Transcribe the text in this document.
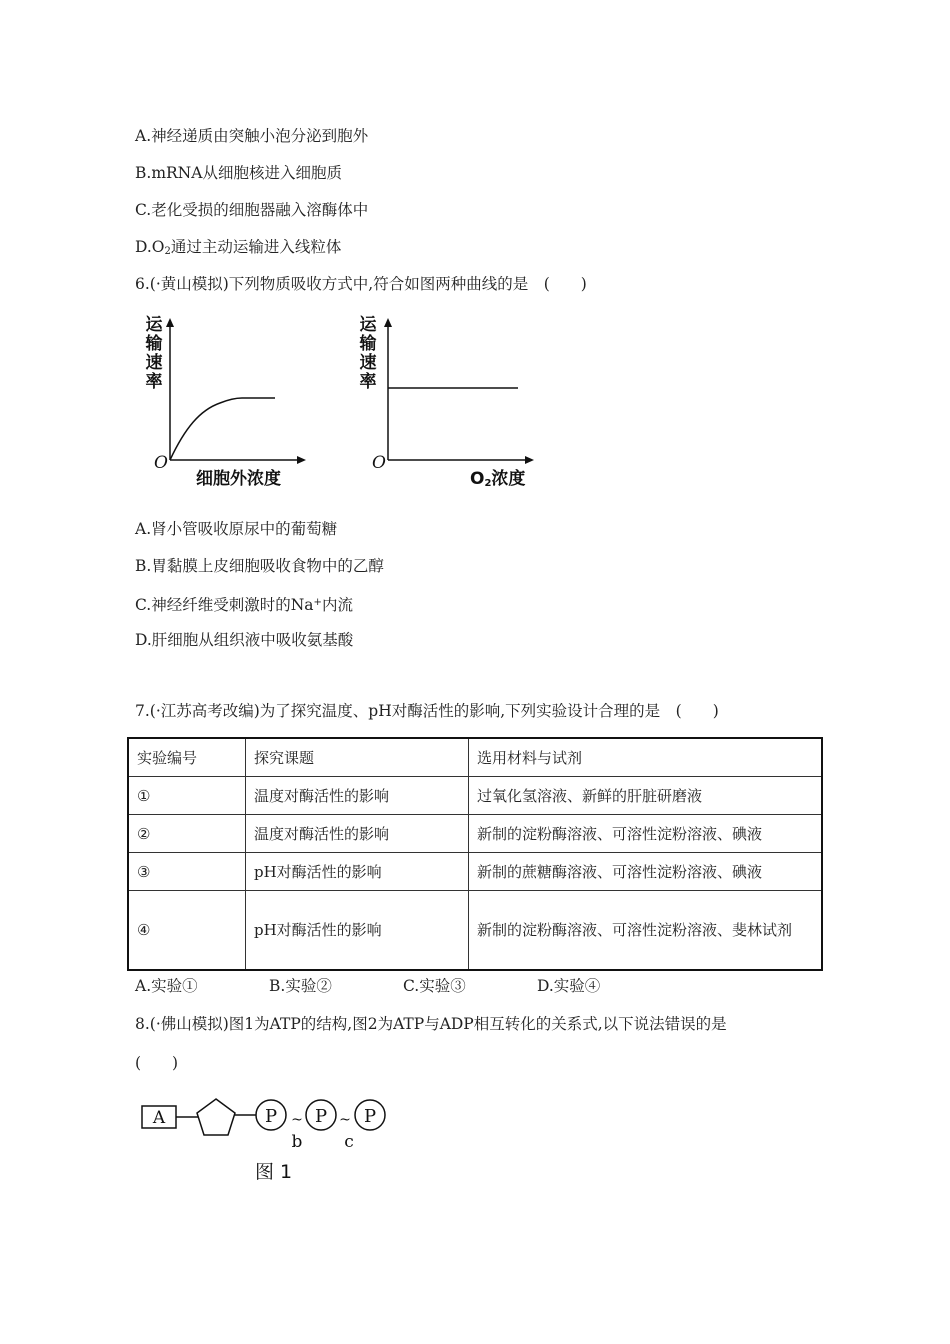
A.神经递质由突触小泡分泌到胞外
B.mRNA从细胞核进入细胞质
C.老化受损的细胞器融入溶酶体中
$D.O_2$通过主动运输进入线粒体
6.(·黄山模拟)下列物质吸收方式中,符合如图两种曲线的是　(　　)
运
输
速
率
O
细胞外浓度
运
输
速
率
O
$O_2$浓度
A.肾小管吸收原尿中的葡萄糖
B.胃黏膜上皮细胞吸收食物中的乙醇
C.神经纤维受刺激时的Na+内流
D.肝细胞从组织液中吸收氨基酸
7.(·江苏高考改编)为了探究温度、pH对酶活性的影响,下列实验设计合理的是　(　　)
实验编号	探究课题	选用材料与试剂
①	温度对酶活性的影响	过氧化氢溶液、新鲜的肝脏研磨液
②	温度对酶活性的影响	新制的淀粉酶溶液、可溶性淀粉溶液、碘液
③	pH对酶活性的影响	新制的蔗糖酶溶液、可溶性淀粉溶液、碘液
④	pH对酶活性的影响	新制的淀粉酶溶液、可溶性淀粉溶液、斐林试剂
A.实验①	B.实验②	C.实验③	D.实验④
8.(·佛山模拟)图1为ATP的结构,图2为ATP与ADP相互转化的关系式,以下说法错误的是
(　　)
A	P ~ P ~ P
b c
图 1
